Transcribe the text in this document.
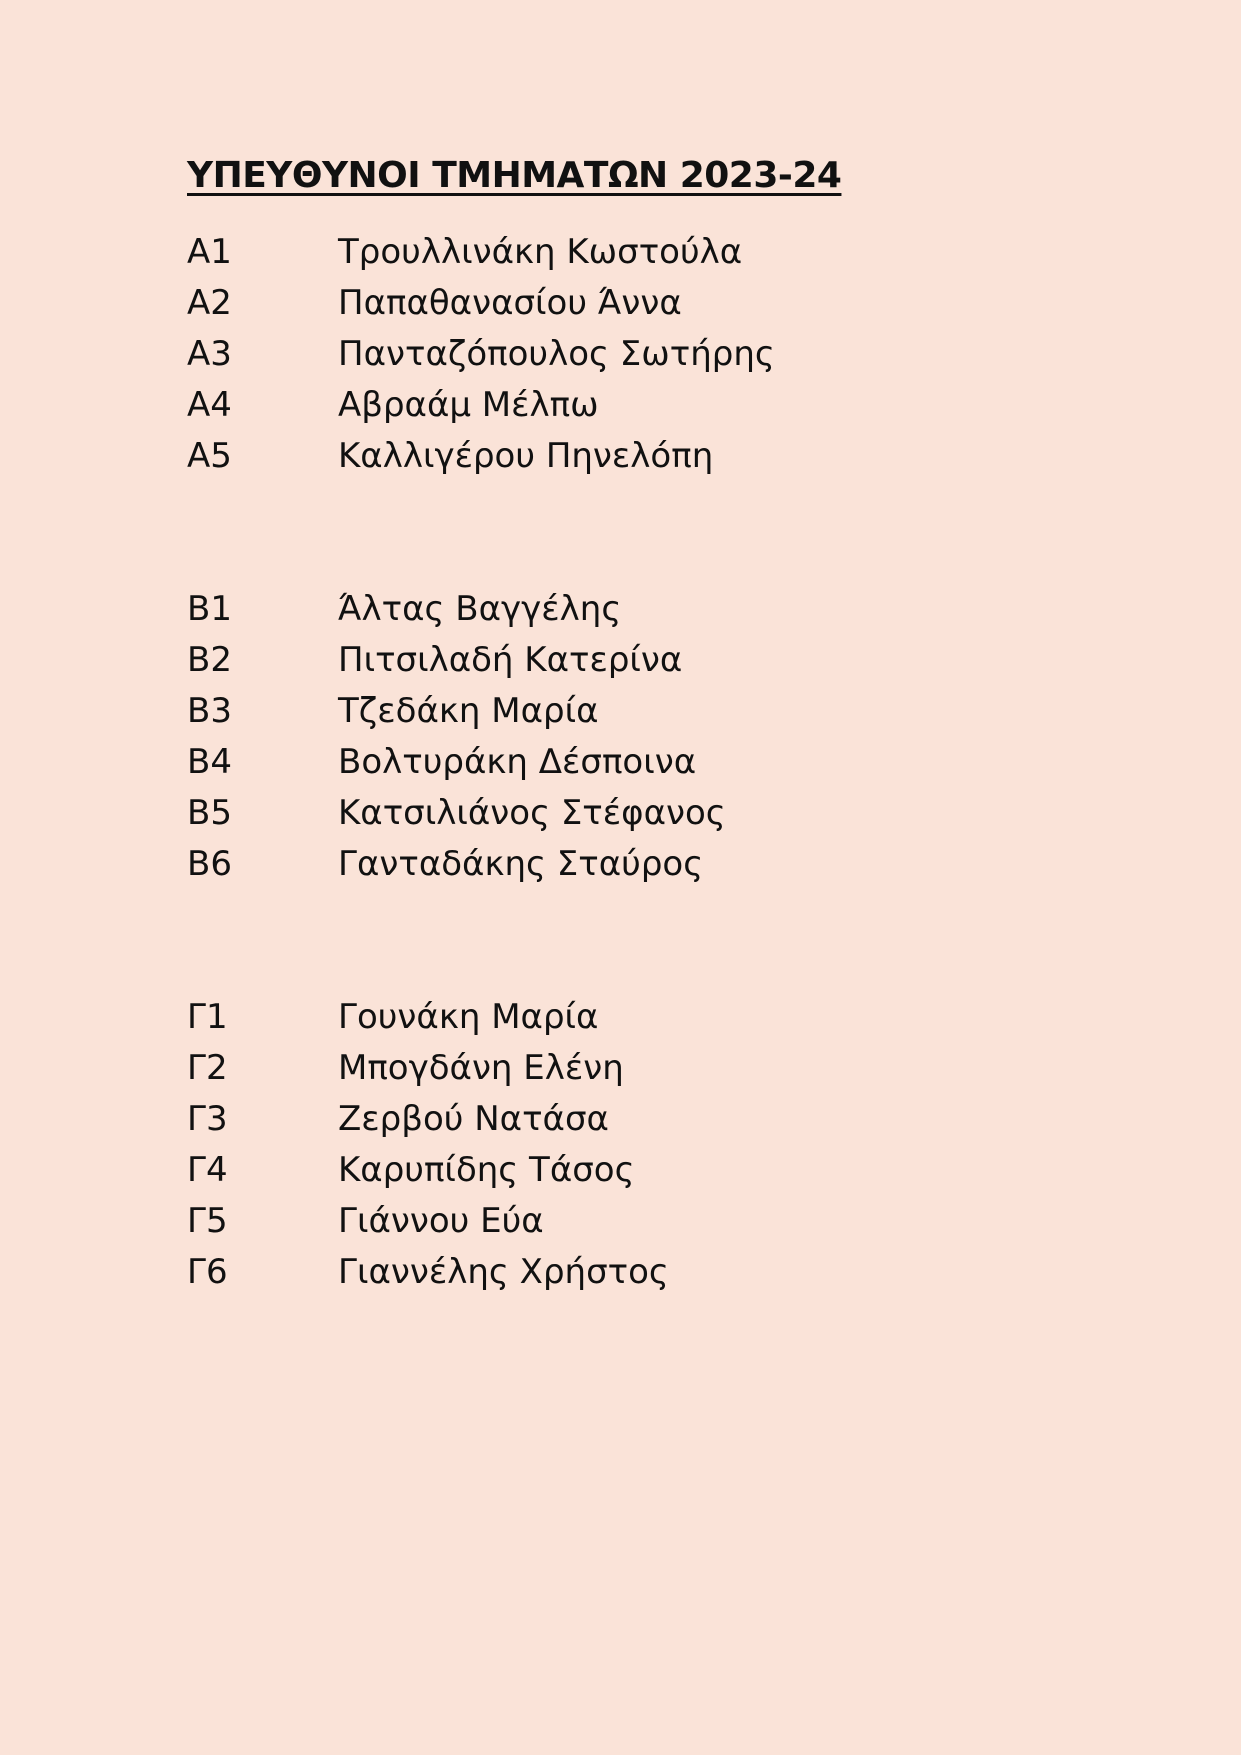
ΥΠΕΥΘΥΝΟΙ ΤΜΗΜΑΤΩΝ 2023-24
Α1	Τρουλλινάκη Κωστούλα
Α2	Παπαθανασίου Άννα
Α3	Πανταζόπουλος Σωτήρης
Α4	Αβραάμ Μέλπω
Α5	Καλλιγέρου Πηνελόπη
Β1	Άλτας Βαγγέλης
Β2	Πιτσιλαδή Κατερίνα
Β3	Τζεδάκη Μαρία
Β4	Βολτυράκη Δέσποινα
Β5	Κατσιλιάνος Στέφανος
Β6	Γανταδάκης Σταύρος
Γ1	Γουνάκη Μαρία
Γ2	Μπογδάνη Ελένη
Γ3	Ζερβού Νατάσα
Γ4	Καρυπίδης Τάσος
Γ5	Γιάννου Εύα
Γ6	Γιαννέλης Χρήστος
